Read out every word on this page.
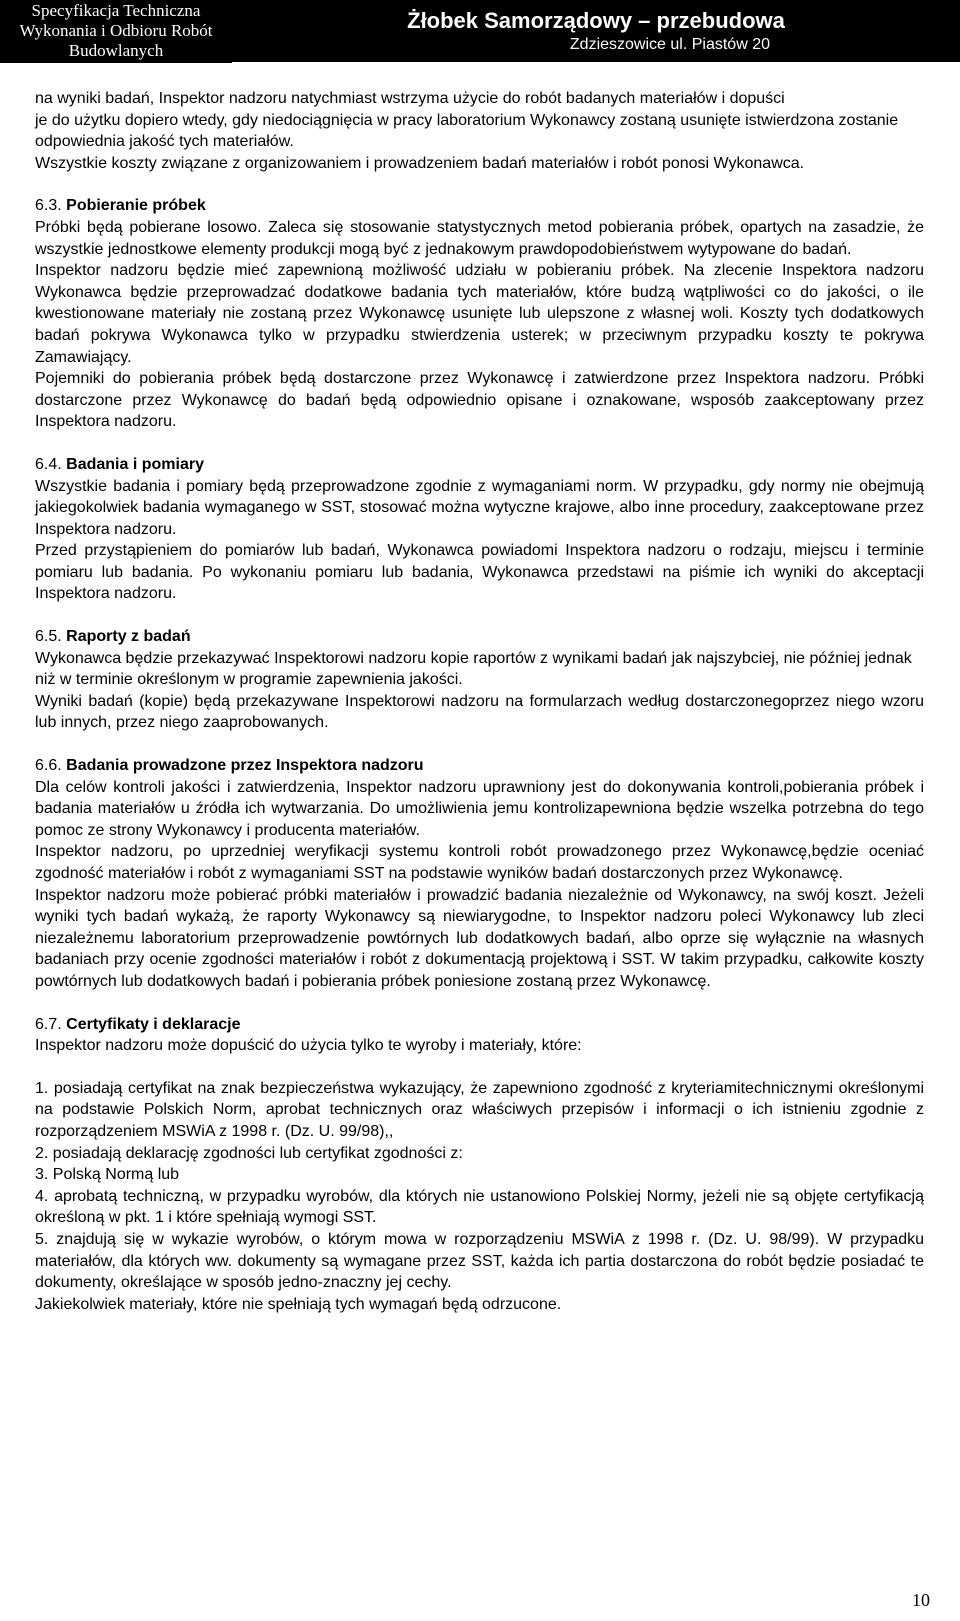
Specyfikacja Techniczna
Wykonania i Odbioru Robót
Budowlanych
Żłobek Samorządowy – przebudowa
Zdzieszowice ul. Piastów 20

na wyniki badań, Inspektor nadzoru natychmiast wstrzyma użycie do robót badanych materiałów i dopuści

je do użytku dopiero wtedy, gdy niedociągnięcia w pracy laboratorium Wykonawcy zostaną usunięte istwierdzona zostanie odpowiednia jakość tych materiałów.

Wszystkie koszty związane z organizowaniem i prowadzeniem badań materiałów i robót ponosi Wykonawca.

6.3. Pobieranie próbek

Próbki będą pobierane losowo. Zaleca się stosowanie statystycznych metod pobierania próbek, opartych na zasadzie, że wszystkie jednostkowe elementy produkcji mogą być z jednakowym prawdopodobieństwem wytypowane do badań.

Inspektor nadzoru będzie mieć zapewnioną możliwość udziału w pobieraniu próbek. Na zlecenie Inspektora nadzoru Wykonawca będzie przeprowadzać dodatkowe badania tych materiałów, które budzą wątpliwości co do jakości, o ile kwestionowane materiały nie zostaną przez Wykonawcę usunięte lub ulepszone z własnej woli. Koszty tych dodatkowych badań pokrywa Wykonawca tylko w przypadku stwierdzenia usterek; w przeciwnym przypadku koszty te pokrywa Zamawiający.

Pojemniki do pobierania próbek będą dostarczone przez Wykonawcę i zatwierdzone przez Inspektora nadzoru. Próbki dostarczone przez Wykonawcę do badań będą odpowiednio opisane i oznakowane, wsposób zaakceptowany przez Inspektora nadzoru.

6.4. Badania i pomiary

Wszystkie badania i pomiary będą przeprowadzone zgodnie z wymaganiami norm. W przypadku, gdy normy nie obejmują jakiegokolwiek badania wymaganego w SST, stosować można wytyczne krajowe, albo inne procedury, zaakceptowane przez Inspektora nadzoru.

Przed przystąpieniem do pomiarów lub badań, Wykonawca powiadomi Inspektora nadzoru o rodzaju, miejscu i terminie pomiaru lub badania. Po wykonaniu pomiaru lub badania, Wykonawca przedstawi na piśmie ich wyniki do akceptacji Inspektora nadzoru.

6.5. Raporty z badań

Wykonawca będzie przekazywać Inspektorowi nadzoru kopie raportów z wynikami badań jak najszybciej, nie później jednak niż w terminie określonym w programie zapewnienia jakości.

Wyniki badań (kopie) będą przekazywane Inspektorowi nadzoru na formularzach według dostarczonegoprzez niego wzoru lub innych, przez niego zaaprobowanych.

6.6. Badania prowadzone przez Inspektora nadzoru

Dla celów kontroli jakości i zatwierdzenia, Inspektor nadzoru uprawniony jest do dokonywania kontroli,pobierania próbek i badania materiałów u źródła ich wytwarzania. Do umożliwienia jemu kontrolizapewniona będzie wszelka potrzebna do tego pomoc ze strony Wykonawcy i producenta materiałów.

Inspektor nadzoru, po uprzedniej weryfikacji systemu kontroli robót prowadzonego przez Wykonawcę,będzie oceniać zgodność materiałów i robót z wymaganiami SST na podstawie wyników badań dostarczonych przez Wykonawcę.

Inspektor nadzoru może pobierać próbki materiałów i prowadzić badania niezależnie od Wykonawcy, na swój koszt. Jeżeli wyniki tych badań wykażą, że raporty Wykonawcy są niewiarygodne, to Inspektor nadzoru poleci Wykonawcy lub zleci niezależnemu laboratorium przeprowadzenie powtórnych lub dodatkowych badań, albo oprze się wyłącznie na własnych badaniach przy ocenie zgodności materiałów i robót z dokumentacją projektową i SST. W takim przypadku, całkowite koszty powtórnych lub dodatkowych badań i pobierania próbek poniesione zostaną przez Wykonawcę.

6.7. Certyfikaty i deklaracje

Inspektor nadzoru może dopuścić do użycia tylko te wyroby i materiały, które:

1. posiadają certyfikat na znak bezpieczeństwa wykazujący, że zapewniono zgodność z kryteriamitechnicznymi określonymi na podstawie Polskich Norm, aprobat technicznych oraz właściwych przepisów i informacji o ich istnieniu zgodnie z rozporządzeniem MSWiA z 1998 r. (Dz. U. 99/98),,

2. posiadają deklarację zgodności lub certyfikat zgodności z:

3. Polską Normą lub

4. aprobatą techniczną, w przypadku wyrobów, dla których nie ustanowiono Polskiej Normy, jeżeli nie są objęte certyfikacją określoną w pkt. 1 i które spełniają wymogi SST.

5. znajdują się w wykazie wyrobów, o którym mowa w rozporządzeniu MSWiA z 1998 r. (Dz. U. 98/99). W przypadku materiałów, dla których ww. dokumenty są wymagane przez SST, każda ich partia dostarczona do robót będzie posiadać te dokumenty, określające w sposób jedno-znaczny jej cechy.

Jakiekolwiek materiały, które nie spełniają tych wymagań będą odrzucone.

10
